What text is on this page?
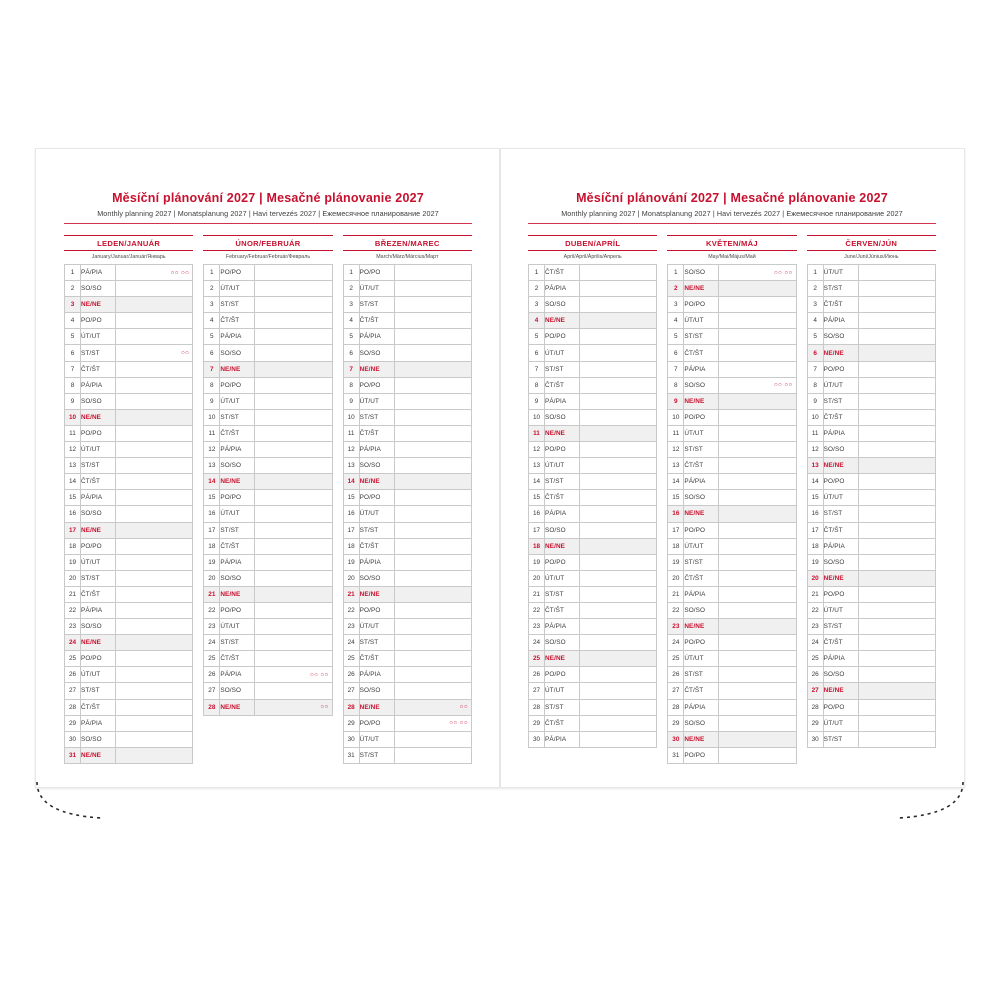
Měsíční plánování 2027 | Mesačné plánovanie 2027
Monthly planning 2027 | Monatsplanung 2027 | Havi tervezés 2027 | Ежемесячное планирование 2027
LEDEN/JANUÁR
January/Januar/Január/Январь
1	PÁ/PIA	○○ ○○

2	SO/SO	
3	NE/NE	
4	PO/PO	
5	ÚT/UT	
6	ST/ST	○○

7	ČT/ŠT	
8	PÁ/PIA	
9	SO/SO	
10	NE/NE	
11	PO/PO	
12	ÚT/UT	
13	ST/ST	
14	ČT/ŠT	
15	PÁ/PIA	
16	SO/SO	
17	NE/NE	
18	PO/PO	
19	ÚT/UT	
20	ST/ST	
21	ČT/ŠT	
22	PÁ/PIA	
23	SO/SO	
24	NE/NE	
25	PO/PO	
26	ÚT/UT	
27	ST/ST	
28	ČT/ŠT	
29	PÁ/PIA	
30	SO/SO	
31	NE/NE	
ÚNOR/FEBRUÁR
February/Februar/Február/Февраль
1	PO/PO	
2	ÚT/UT	
3	ST/ST	
4	ČT/ŠT	
5	PÁ/PIA	
6	SO/SO	
7	NE/NE	
8	PO/PO	
9	ÚT/UT	
10	ST/ST	
11	ČT/ŠT	
12	PÁ/PIA	
13	SO/SO	
14	NE/NE	
15	PO/PO	
16	ÚT/UT	
17	ST/ST	
18	ČT/ŠT	
19	PÁ/PIA	
20	SO/SO	
21	NE/NE	
22	PO/PO	
23	ÚT/UT	
24	ST/ST	
25	ČT/ŠT	
26	PÁ/PIA	○○ ○○

27	SO/SO	
28	NE/NE	○○
BŘEZEN/MAREC
March/März/Március/Март
1	PO/PO	
2	ÚT/UT	
3	ST/ST	
4	ČT/ŠT	
5	PÁ/PIA	
6	SO/SO	
7	NE/NE	
8	PO/PO	
9	ÚT/UT	
10	ST/ST	
11	ČT/ŠT	
12	PÁ/PIA	
13	SO/SO	
14	NE/NE	
15	PO/PO	
16	ÚT/UT	
17	ST/ST	
18	ČT/ŠT	
19	PÁ/PIA	
20	SO/SO	
21	NE/NE	
22	PO/PO	
23	ÚT/UT	
24	ST/ST	
25	ČT/ŠT	
26	PÁ/PIA	
27	SO/SO	
28	NE/NE	○○

29	PO/PO	○○ ○○

30	ÚT/UT	
31	ST/ST	
Měsíční plánování 2027 | Mesačné plánovanie 2027
Monthly planning 2027 | Monatsplanung 2027 | Havi tervezés 2027 | Ежемесячное планирование 2027
DUBEN/APRÍL
April/April/Április/Апрель
1	ČT/ŠT	
2	PÁ/PIA	
3	SO/SO	
4	NE/NE	
5	PO/PO	
6	ÚT/UT	
7	ST/ST	
8	ČT/ŠT	
9	PÁ/PIA	
10	SO/SO	
11	NE/NE	
12	PO/PO	
13	ÚT/UT	
14	ST/ST	
15	ČT/ŠT	
16	PÁ/PIA	
17	SO/SO	
18	NE/NE	
19	PO/PO	
20	ÚT/UT	
21	ST/ST	
22	ČT/ŠT	
23	PÁ/PIA	
24	SO/SO	
25	NE/NE	
26	PO/PO	
27	ÚT/UT	
28	ST/ST	
29	ČT/ŠT	
30	PÁ/PIA	
KVĚTEN/MÁJ
May/Mai/Május/Май
1	SO/SO	○○ ○○

2	NE/NE	
3	PO/PO	
4	ÚT/UT	
5	ST/ST	
6	ČT/ŠT	
7	PÁ/PIA	
8	SO/SO	○○ ○○

9	NE/NE	
10	PO/PO	
11	ÚT/UT	
12	ST/ST	
13	ČT/ŠT	
14	PÁ/PIA	
15	SO/SO	
16	NE/NE	
17	PO/PO	
18	ÚT/UT	
19	ST/ST	
20	ČT/ŠT	
21	PÁ/PIA	
22	SO/SO	
23	NE/NE	
24	PO/PO	
25	ÚT/UT	
26	ST/ST	
27	ČT/ŠT	
28	PÁ/PIA	
29	SO/SO	
30	NE/NE	
31	PO/PO	
ČERVEN/JÚN
June/Juni/Június/Июнь
1	ÚT/UT	
2	ST/ST	
3	ČT/ŠT	
4	PÁ/PIA	
5	SO/SO	
6	NE/NE	
7	PO/PO	
8	ÚT/UT	
9	ST/ST	
10	ČT/ŠT	
11	PÁ/PIA	
12	SO/SO	
13	NE/NE	
14	PO/PO	
15	ÚT/UT	
16	ST/ST	
17	ČT/ŠT	
18	PÁ/PIA	
19	SO/SO	
20	NE/NE	
21	PO/PO	
22	ÚT/UT	
23	ST/ST	
24	ČT/ŠT	
25	PÁ/PIA	
26	SO/SO	
27	NE/NE	
28	PO/PO	
29	ÚT/UT	
30	ST/ST	
